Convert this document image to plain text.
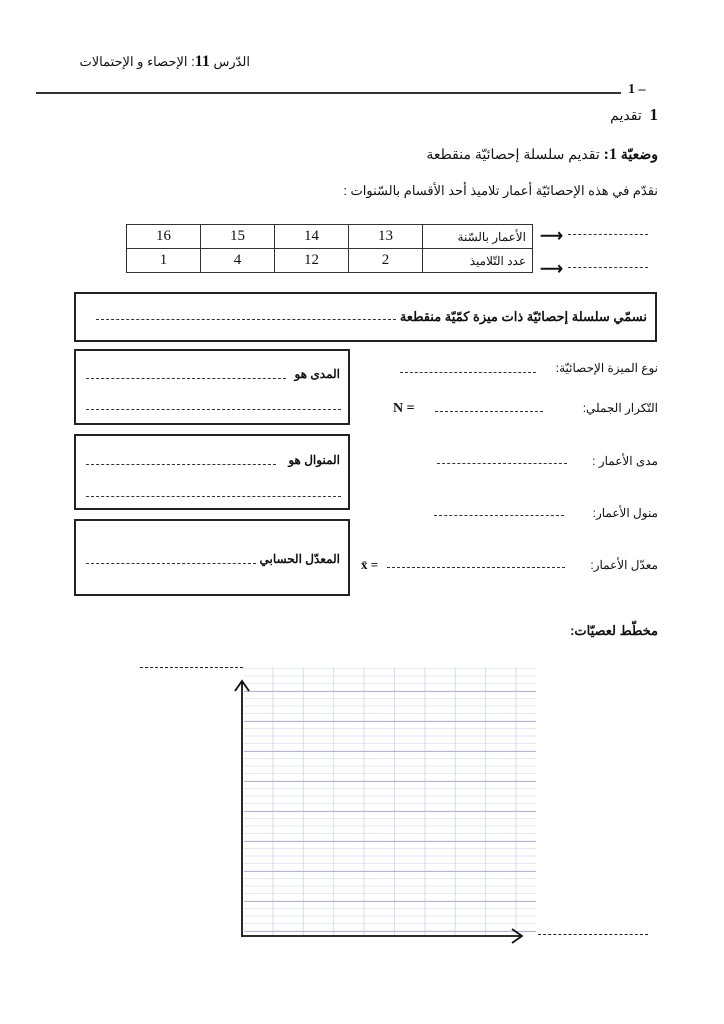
الدّرس 11: الإحصاء و الإحتمالات
1 –
1  تقديم
وضعيّة 1: تقديم سلسلة إحصائيّة منقطعة
نقدّم في هذه الإحصائيّة أعمار تلاميذ أحد الأقسام بالسّنوات :
16	15	14	13	الأعمار بالسّنة
1	4	12	2	عدد التّلاميذ
⟶
⟶
نسمّي سلسلة إحصائيّة ذات ميزة كمّيّة منقطعة
المدى هو
المنوال هو
المعدّل الحسابي
نوع الميزة الإحصائيّة:
التّكرار الجملي:
N =
مدى الأعمار :
منول الأعمار:
معدّل الأعمار:
x̄ =
مخطّط لعصيّات:
